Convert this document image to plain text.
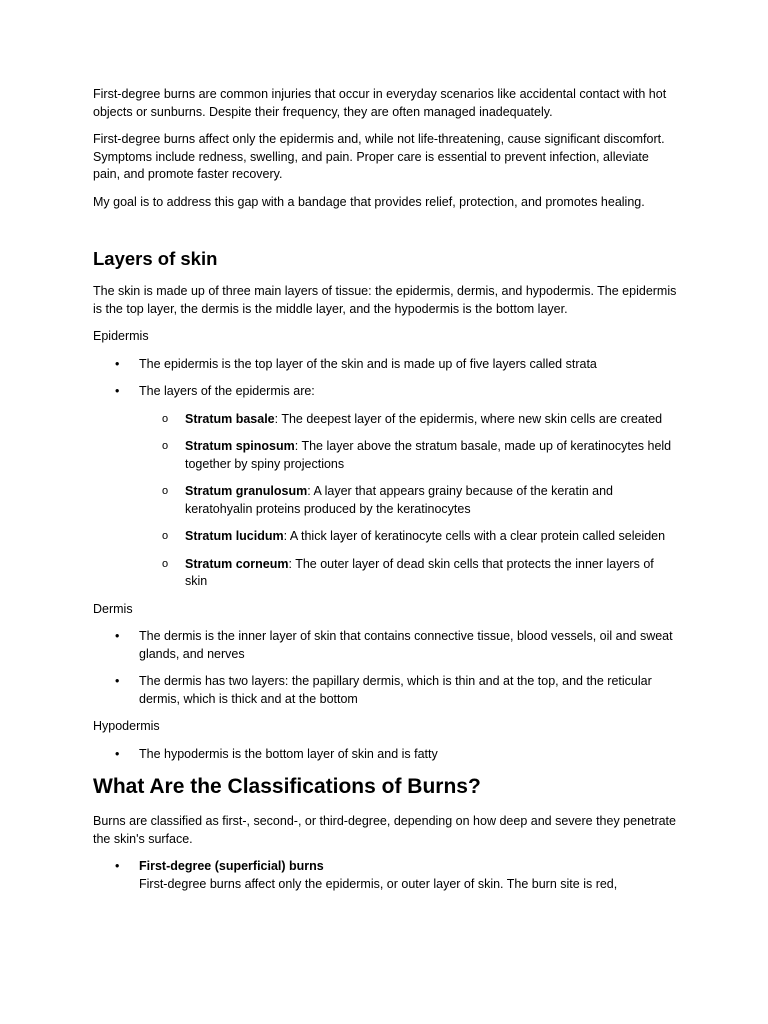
First-degree burns are common injuries that occur in everyday scenarios like accidental contact with hot objects or sunburns. Despite their frequency, they are often managed inadequately.

First-degree burns affect only the epidermis and, while not life-threatening, cause significant discomfort. Symptoms include redness, swelling, and pain. Proper care is essential to prevent infection, alleviate pain, and promote faster recovery.

My goal is to address this gap with a bandage that provides relief, protection, and promotes healing.

Layers of skin

The skin is made up of three main layers of tissue: the epidermis, dermis, and hypodermis. The epidermis is the top layer, the dermis is the middle layer, and the hypodermis is the bottom layer.

Epidermis

• The epidermis is the top layer of the skin and is made up of five layers called strata
• The layers of the epidermis are:
o Stratum basale: The deepest layer of the epidermis, where new skin cells are created
o Stratum spinosum: The layer above the stratum basale, made up of keratinocytes held together by spiny projections
o Stratum granulosum: A layer that appears grainy because of the keratin and keratohyalin proteins produced by the keratinocytes
o Stratum lucidum: A thick layer of keratinocyte cells with a clear protein called seleiden
o Stratum corneum: The outer layer of dead skin cells that protects the inner layers of skin

Dermis

• The dermis is the inner layer of skin that contains connective tissue, blood vessels, oil and sweat glands, and nerves
• The dermis has two layers: the papillary dermis, which is thin and at the top, and the reticular dermis, which is thick and at the bottom

Hypodermis

• The hypodermis is the bottom layer of skin and is fatty
What Are the Classifications of Burns?

Burns are classified as first-, second-, or third-degree, depending on how deep and severe they penetrate the skin's surface.

• First-degree (superficial) burns
First-degree burns affect only the epidermis, or outer layer of skin. The burn site is red,
